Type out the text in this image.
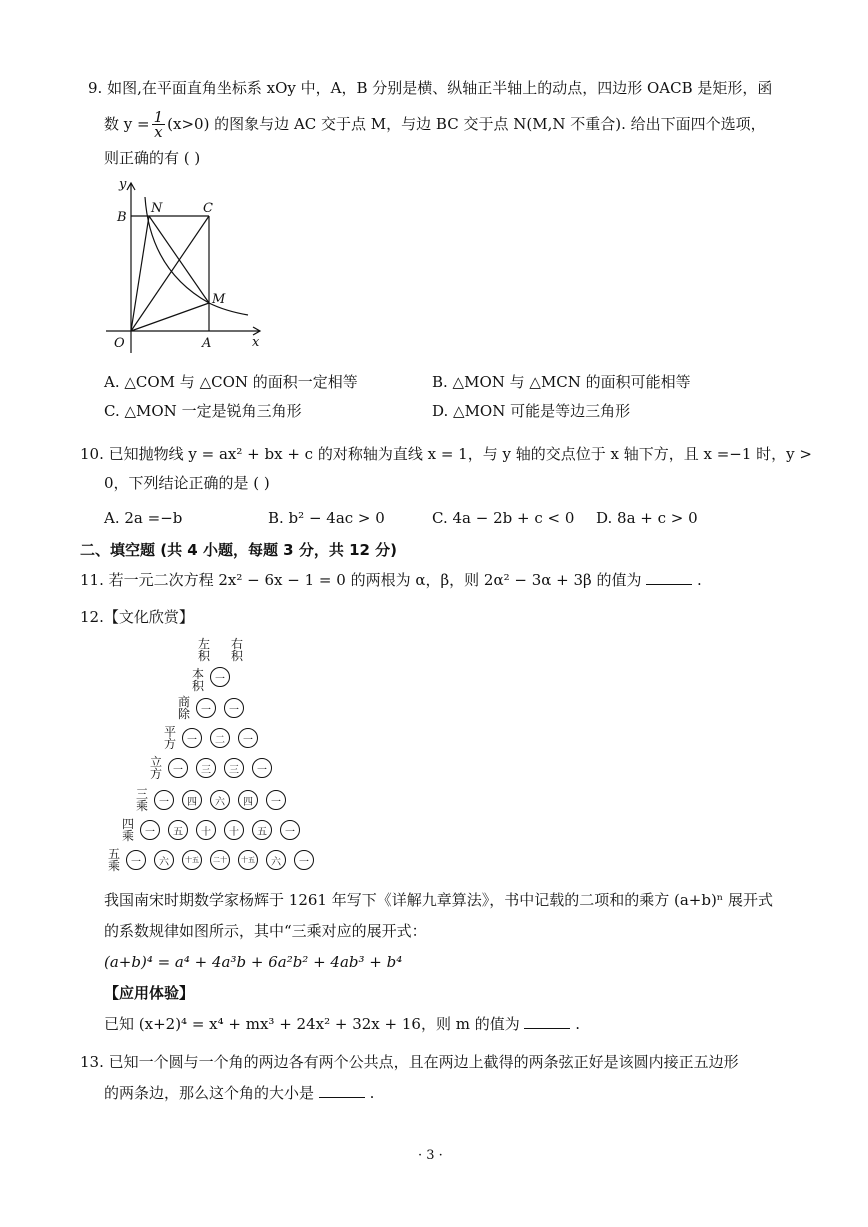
9. 如图,在平面直角坐标系 xOy 中，A，B 分别是横、纵轴正半轴上的动点，四边形 OACB 是矩形，函
数 $y = \frac{1}{x} (x>0)$ 的图象与边 AC 交于点 M，与边 BC 交于点 N(M,N 不重合). 给出下面四个选项，
则正确的有 ( )
y
x
O	A
B
C
N
M
A. △COM 与 △CON 的面积一定相等	B. △MON 与 △MCN 的面积可能相等
C. △MON 一定是锐角三角形	D. △MON 可能是等边三角形
10. 已知抛物线 y = ax² + bx + c 的对称轴为直线 x = 1，与 y 轴的交点位于 x 轴下方，且 x =−1 时，y >
0，下列结论正确的是 ( )
A. 2a =−b	B. b² − 4ac > 0	C. 4a − 2b + c < 0 D. 8a + c > 0
二、填空题 (共 4 小题，每题 3 分，共 12 分)
11. 若一元二次方程 2x² − 6x − 1 = 0 的两根为 α，β，则 2α² − 3α + 3β 的值为	.
12.【文化欣赏】
左积
右积
本积	一
商除	一	一
平方	一	二	一
立方	一	三	三	一
三乘	一	四	六	四	一
四乘	一	五	十	十	五	一
五乘	一	六	十五	二十	十五	六	一
我国南宋时期数学家杨辉于 1261 年写下《详解九章算法》，书中记载的二项和的乘方 (a+b)ⁿ 展开式
的系数规律如图所示，其中“三乘对应的展开式：
(a+b)⁴ = a⁴ + 4a³b + 6a²b² + 4ab³ + b⁴
【应用体验】
已知 (x+2)⁴ = x⁴ + mx³ + 24x² + 32x + 16，则 m 的值为	.
13. 已知一个圆与一个角的两边各有两个公共点，且在两边上截得的两条弦正好是该圆内接正五边形
的两条边，那么这个角的大小是	.
· 3 ·
